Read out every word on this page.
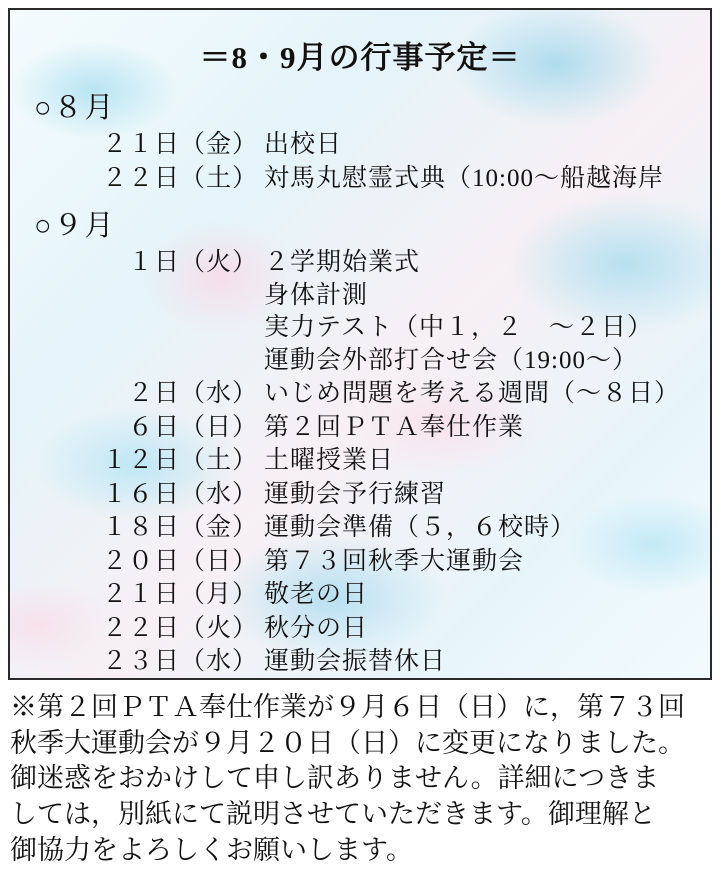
＝8・9月の行事予定＝
○８月
２１日 （金） 出校日
２２日 （土） 対馬丸慰霊式典（10:00〜船越海岸
○９月
１日 （火） ２学期始業式
身体計測
実力テスト（中１，２　〜２日）
運動会外部打合せ会（19:00〜）
２日 （水） いじめ問題を考える週間（〜８日）
６日 （日） 第２回ＰＴＡ奉仕作業
１２日 （土） 土曜授業日
１６日 （水） 運動会予行練習
１８日 （金） 運動会準備（５，６校時）
２０日 （日） 第７３回秋季大運動会
２１日 （月） 敬老の日
２２日 （火） 秋分の日
２３日 （水） 運動会振替休日
※第２回ＰＴＡ奉仕作業が９月６日（日）に，第７３回
秋季大運動会が９月２０日（日）に変更になりました。
御迷惑をおかけして申し訳ありません。詳細につきま
しては，別紙にて説明させていただきます。御理解と
御協力をよろしくお願いします。
